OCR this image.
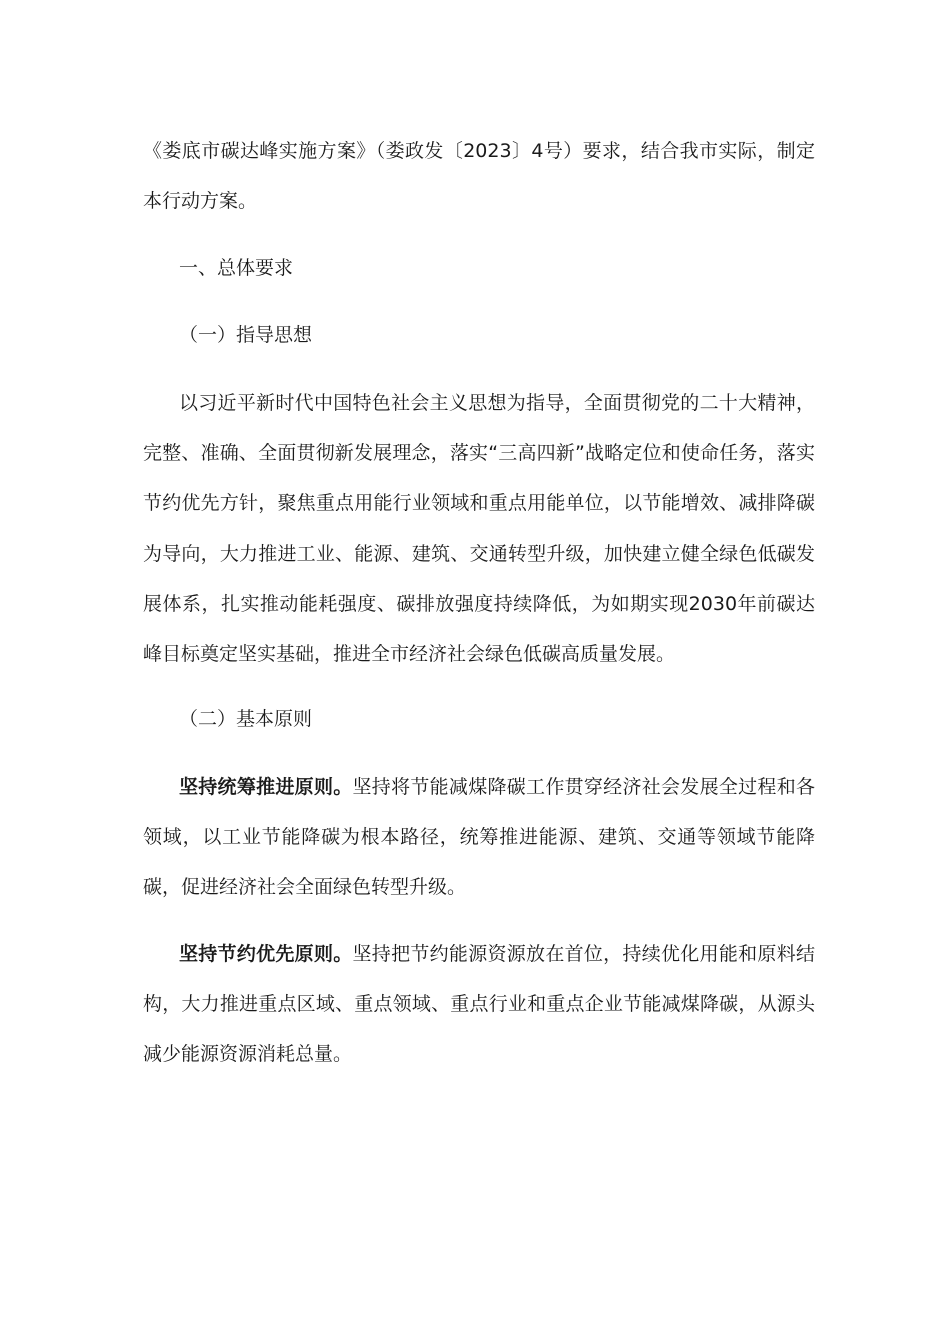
《娄底市碳达峰实施方案》（娄政发〔2023〕4号）要求，结合我市实际，制定本行动方案。

一、总体要求

（一）指导思想

以习近平新时代中国特色社会主义思想为指导，全面贯彻党的二十大精神，完整、准确、全面贯彻新发展理念，落实“三高四新”战略定位和使命任务，落实节约优先方针，聚焦重点用能行业领域和重点用能单位，以节能增效、减排降碳为导向，大力推进工业、能源、建筑、交通转型升级，加快建立健全绿色低碳发展体系，扎实推动能耗强度、碳排放强度持续降低，为如期实现2030年前碳达峰目标奠定坚实基础，推进全市经济社会绿色低碳高质量发展。

（二）基本原则

坚持统筹推进原则。坚持将节能减煤降碳工作贯穿经济社会发展全过程和各领域，以工业节能降碳为根本路径，统筹推进能源、建筑、交通等领域节能降碳，促进经济社会全面绿色转型升级。

坚持节约优先原则。坚持把节约能源资源放在首位，持续优化用能和原料结构，大力推进重点区域、重点领域、重点行业和重点企业节能减煤降碳，从源头减少能源资源消耗总量。
